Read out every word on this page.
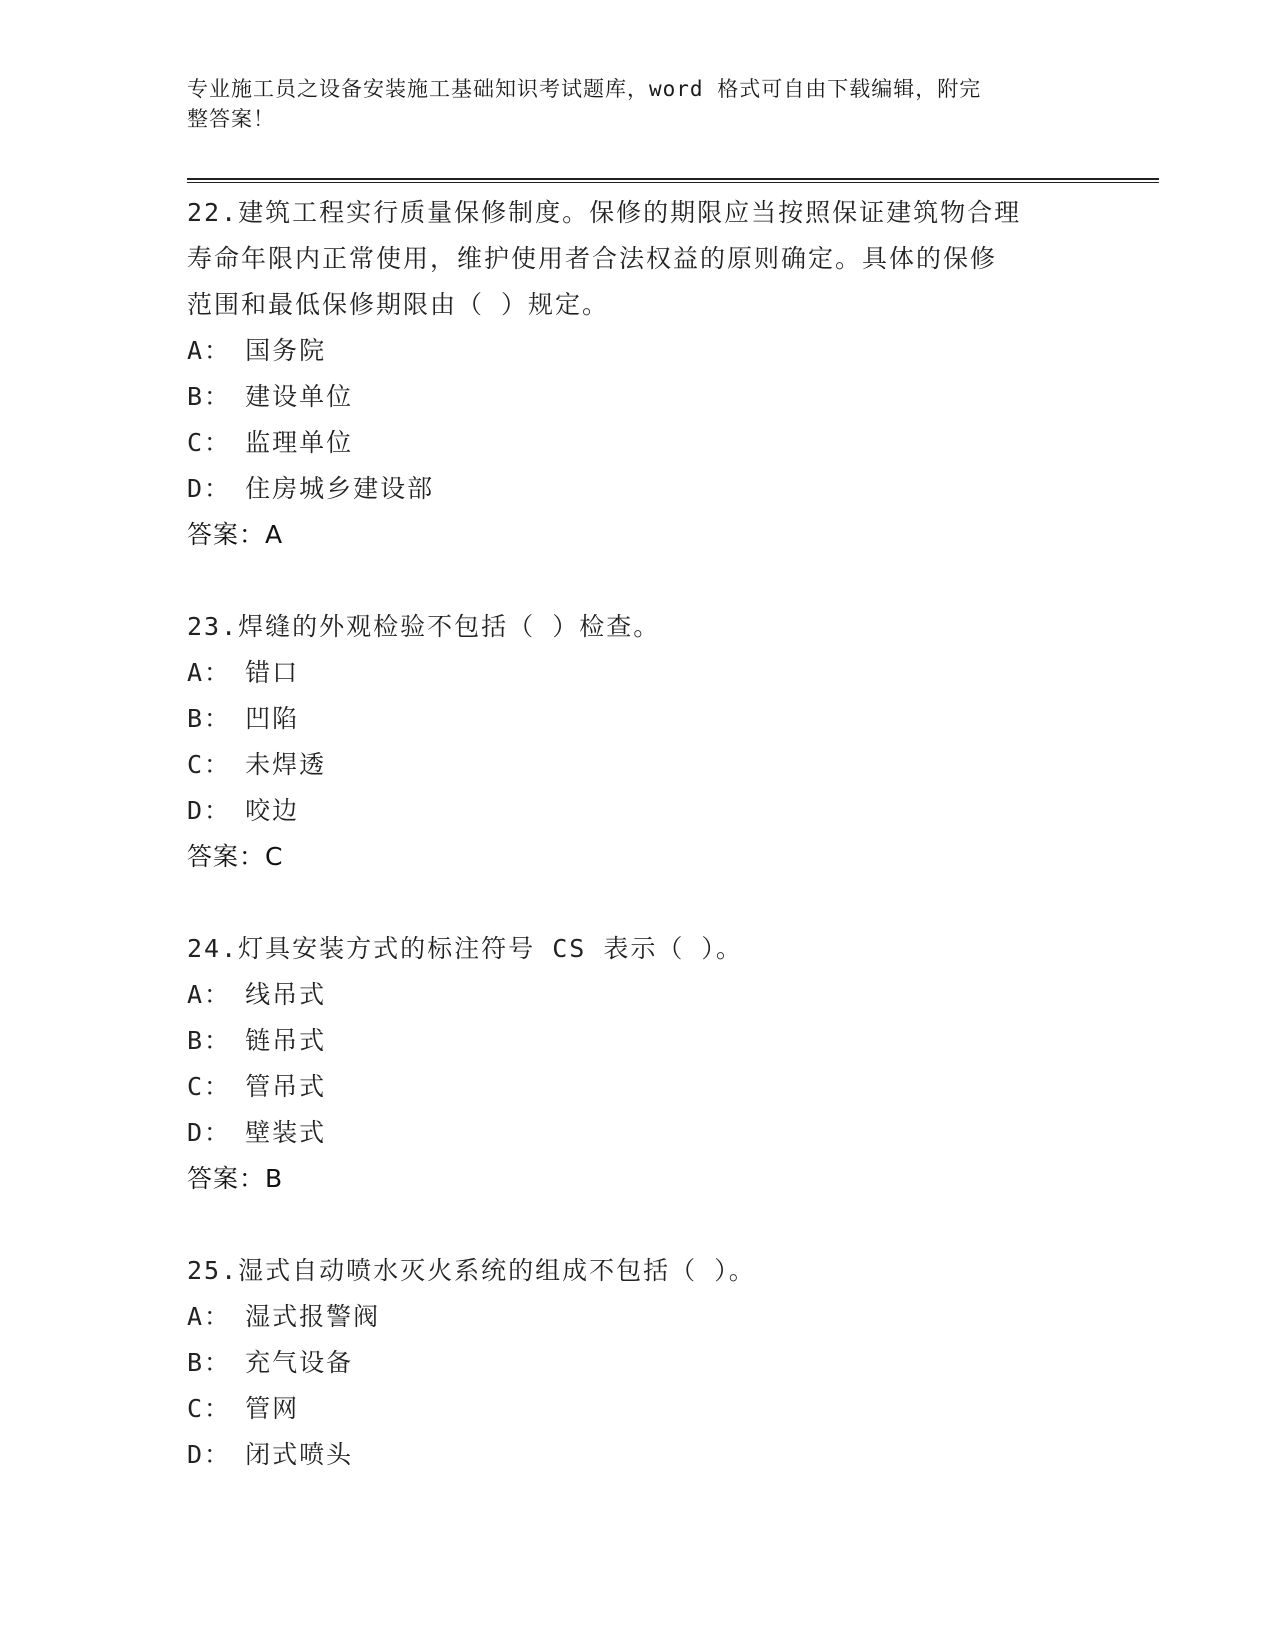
专业施工员之设备安装施工基础知识考试题库，word 格式可自由下载编辑，附完
整答案！
22.建筑工程实行质量保修制度。保修的期限应当按照保证建筑物合理
寿命年限内正常使用，维护使用者合法权益的原则确定。具体的保修
范围和最低保修期限由（ ）规定。
A： 国务院
B： 建设单位
C： 监理单位
D： 住房城乡建设部
答案：A
23.焊缝的外观检验不包括（ ）检查。
A： 错口
B： 凹陷
C： 未焊透
D： 咬边
答案：C
24.灯具安装方式的标注符号 CS 表示（ ）。
A： 线吊式
B： 链吊式
C： 管吊式
D： 壁装式
答案：B
25.湿式自动喷水灭火系统的组成不包括（ ）。
A： 湿式报警阀
B： 充气设备
C： 管网
D： 闭式喷头
